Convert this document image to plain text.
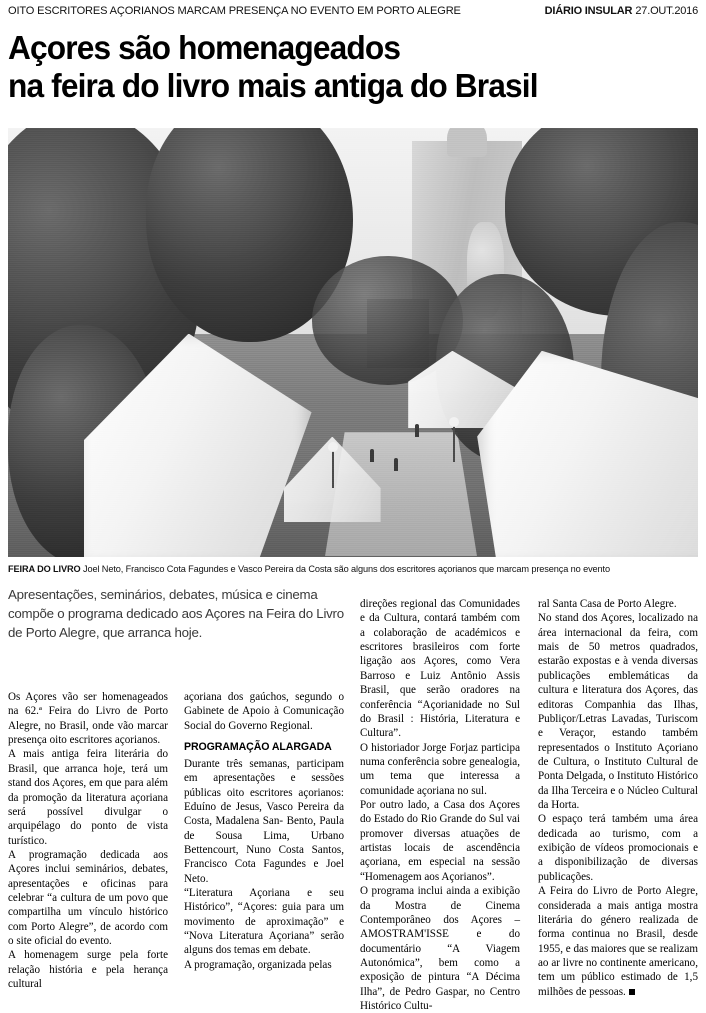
OITO ESCRITORES AÇORIANOS MARCAM PRESENÇA NO EVENTO EM PORTO ALEGRE	DIÁRIO INSULAR 27.OUT.2016
Açores são homenageados
na feira do livro mais antiga do Brasil
FEIRA DO LIVRO Joel Neto, Francisco Cota Fagundes e Vasco Pereira da Costa são alguns dos escritores açorianos que marcam presença no evento
Apresentações, seminários, debates, música e cinema compõe o programa dedicado aos Açores na Feira do Livro de Porto Alegre, que arranca hoje.

Os Açores vão ser homenageados na 62.ª Feira do Livro de Porto Alegre, no Brasil, onde vão marcar presença oito escritores açorianos.

A mais antiga feira literária do Brasil, que arranca hoje, terá um stand dos Açores, em que para além da promoção da literatura açoriana será possível divulgar o arquipélago do ponto de vista turístico.

A programação dedicada aos Açores inclui seminários, debates, apresentações e oficinas para celebrar “a cultura de um povo que compartilha um vínculo histórico com Porto Alegre”, de acordo com o site oficial do evento.

A homenagem surge pela forte relação história e pela herança cultural

açoriana dos gaúchos, segundo o Gabinete de Apoio à Comunicação Social do Governo Regional.

PROGRAMAÇÃO ALARGADA

Durante três semanas, participam em apresentações e sessões públicas oito escritores açorianos: Eduíno de Jesus, Vasco Pereira da Costa, Madalena San- Bento, Paula de Sousa Lima, Urbano Bettencourt, Nuno Costa Santos, Francisco Cota Fagundes e Joel Neto.

“Literatura Açoriana e seu Histórico”, “Açores: guia para um movimento de aproximação” e “Nova Literatura Açoriana” serão alguns dos temas em debate.

A programação, organizada pelas

direções regional das Comunidades e da Cultura, contará também com a colaboração de académicos e escritores brasileiros com forte ligação aos Açores, como Vera Barroso e Luiz Antônio Assis Brasil, que serão oradores na conferência “Açorianidade no Sul do Brasil : História, Literatura e Cultura”.

O historiador Jorge Forjaz participa numa conferência sobre genealogia, um tema que interessa a comunidade açoriana no sul.

Por outro lado, a Casa dos Açores do Estado do Rio Grande do Sul vai promover diversas atuações de artistas locais de ascendência açoriana, em especial na sessão “Homenagem aos Açorianos”.

O programa inclui ainda a exibição da Mostra de Cinema Contemporâneo dos Açores – AMOSTRAM'ISSE e do documentário “A Viagem Autonómica”, bem como a exposição de pintura “A Décima Ilha”, de Pedro Gaspar, no Centro Histórico Cultu-

ral Santa Casa de Porto Alegre.

No stand dos Açores, localizado na área internacional da feira, com mais de 50 metros quadrados, estarão expostas e à venda diversas publicações emblemáticas da cultura e literatura dos Açores, das editoras Companhia das Ilhas, Publiçor/Letras Lavadas, Turiscom e Veraçor, estando também representados o Instituto Açoriano de Cultura, o Instituto Cultural de Ponta Delgada, o Instituto Histórico da Ilha Terceira e o Núcleo Cultural da Horta.

O espaço terá também uma área dedicada ao turismo, com a exibição de vídeos promocionais e a disponibilização de diversas publicações.

A Feira do Livro de Porto Alegre, considerada a mais antiga mostra literária do género realizada de forma continua no Brasil, desde 1955, e das maiores que se realizam ao ar livre no continente americano, tem um público estimado de 1,5 milhões de pessoas.
